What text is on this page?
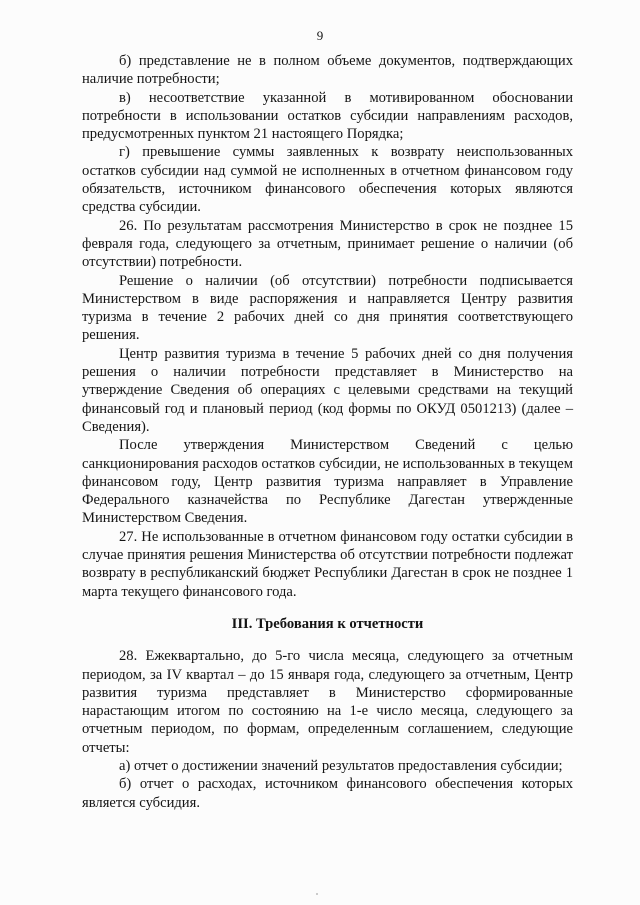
9

б) представление не в полном объеме документов, подтверждающих наличие потребности;

в) несоответствие указанной в мотивированном обосновании потребности в использовании остатков субсидии направлениям расходов, предусмотренных пунктом 21 настоящего Порядка;

г) превышение суммы заявленных к возврату неиспользованных остатков субсидии над суммой не исполненных в отчетном финансовом году обязательств, источником финансового обеспечения которых являются средства субсидии.

26. По результатам рассмотрения Министерство в срок не позднее 15 февраля года, следующего за отчетным, принимает решение о наличии (об отсутствии) потребности.

Решение о наличии (об отсутствии) потребности подписывается Министерством в виде распоряжения и направляется Центру развития туризма в течение 2 рабочих дней со дня принятия соответствующего решения.

Центр развития туризма в течение 5 рабочих дней со дня получения решения о наличии потребности представляет в Министерство на утверждение Сведения об операциях с целевыми средствами на текущий финансовый год и плановый период (код формы по ОКУД 0501213) (далее – Сведения).

После утверждения Министерством Сведений с целью санкционирования расходов остатков субсидии, не использованных в текущем финансовом году, Центр развития туризма направляет в Управление Федерального казначейства по Республике Дагестан утвержденные Министерством Сведения.

27. Не использованные в отчетном финансовом году остатки субсидии в случае принятия решения Министерства об отсутствии потребности подлежат возврату в республиканский бюджет Республики Дагестан в срок не позднее 1 марта текущего финансового года.

III. Требования к отчетности

28. Ежеквартально, до 5-го числа месяца, следующего за отчетным периодом, за IV квартал – до 15 января года, следующего за отчетным, Центр развития туризма представляет в Министерство сформированные нарастающим итогом по состоянию на 1-е число месяца, следующего за отчетным периодом, по формам, определенным соглашением, следующие отчеты:

а) отчет о достижении значений результатов предоставления субсидии;

б) отчет о расходах, источником финансового обеспечения которых является субсидия.
